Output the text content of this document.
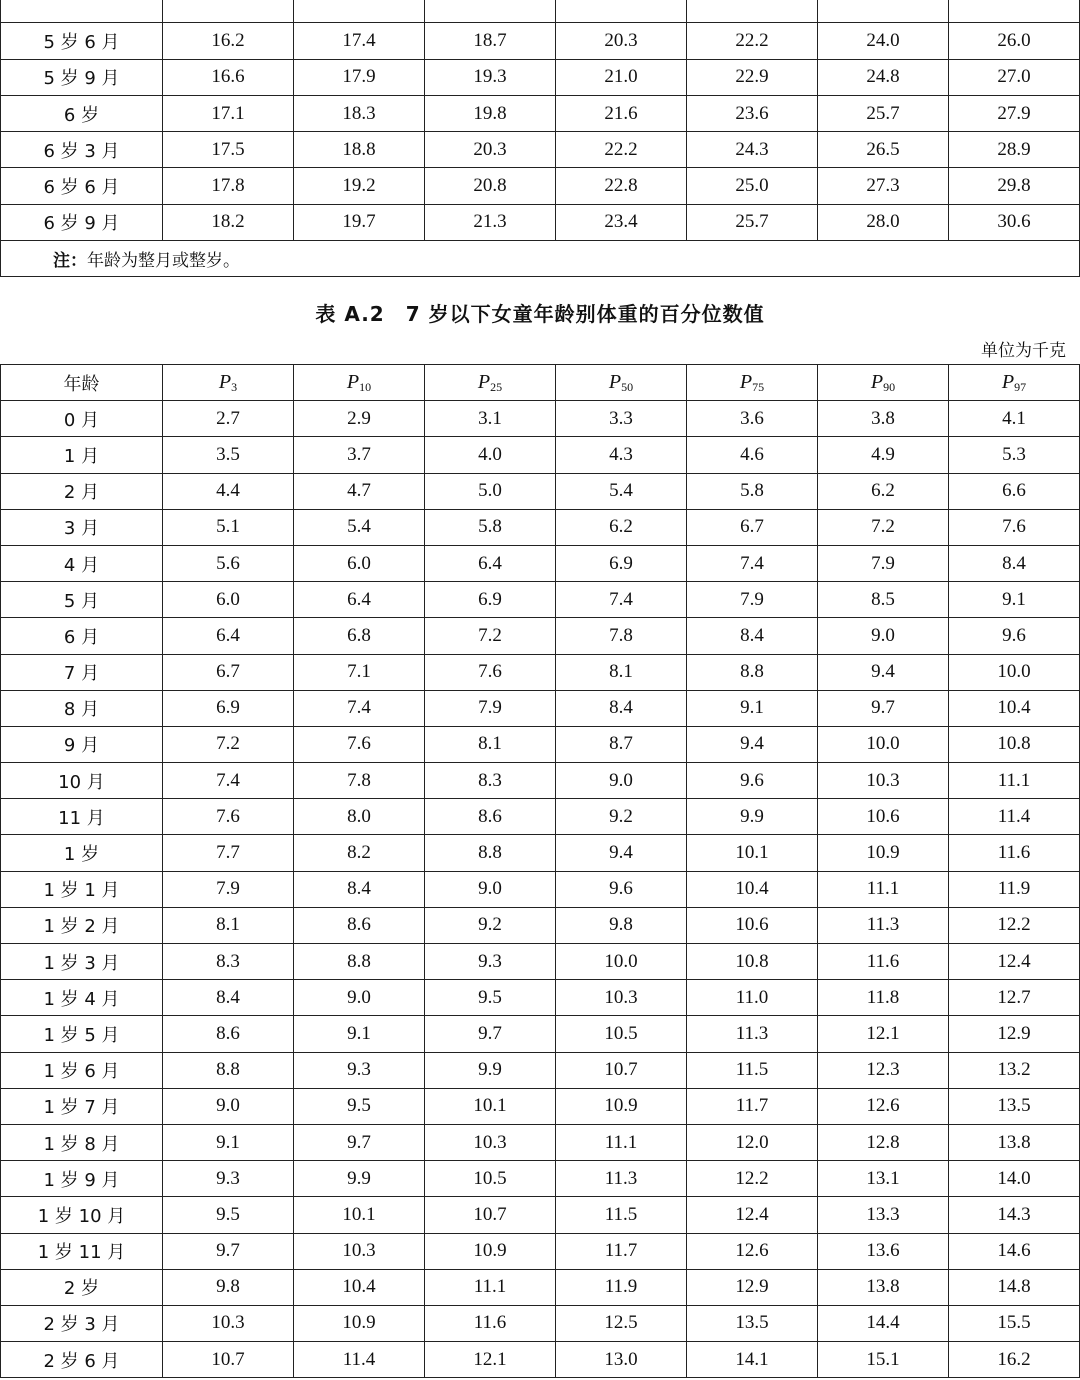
5 岁 6 月	16.2	17.4	18.7	20.3	22.2	24.0	26.0
5 岁 9 月	16.6	17.9	19.3	21.0	22.9	24.8	27.0
6 岁	17.1	18.3	19.8	21.6	23.6	25.7	27.9
6 岁 3 月	17.5	18.8	20.3	22.2	24.3	26.5	28.9
6 岁 6 月	17.8	19.2	20.8	22.8	25.0	27.3	29.8
6 岁 9 月	18.2	19.7	21.3	23.4	25.7	28.0	30.6
注：年龄为整月或整岁。							
表 A.2　7 岁以下女童年龄别体重的百分位数值
单位为千克
年龄	P3	P10	P25	P50	P75	P90	P97
0 月	2.7	2.9	3.1	3.3	3.6	3.8	4.1
1 月	3.5	3.7	4.0	4.3	4.6	4.9	5.3
2 月	4.4	4.7	5.0	5.4	5.8	6.2	6.6
3 月	5.1	5.4	5.8	6.2	6.7	7.2	7.6
4 月	5.6	6.0	6.4	6.9	7.4	7.9	8.4
5 月	6.0	6.4	6.9	7.4	7.9	8.5	9.1
6 月	6.4	6.8	7.2	7.8	8.4	9.0	9.6
7 月	6.7	7.1	7.6	8.1	8.8	9.4	10.0
8 月	6.9	7.4	7.9	8.4	9.1	9.7	10.4
9 月	7.2	7.6	8.1	8.7	9.4	10.0	10.8
10 月	7.4	7.8	8.3	9.0	9.6	10.3	11.1
11 月	7.6	8.0	8.6	9.2	9.9	10.6	11.4
1 岁	7.7	8.2	8.8	9.4	10.1	10.9	11.6
1 岁 1 月	7.9	8.4	9.0	9.6	10.4	11.1	11.9
1 岁 2 月	8.1	8.6	9.2	9.8	10.6	11.3	12.2
1 岁 3 月	8.3	8.8	9.3	10.0	10.8	11.6	12.4
1 岁 4 月	8.4	9.0	9.5	10.3	11.0	11.8	12.7
1 岁 5 月	8.6	9.1	9.7	10.5	11.3	12.1	12.9
1 岁 6 月	8.8	9.3	9.9	10.7	11.5	12.3	13.2
1 岁 7 月	9.0	9.5	10.1	10.9	11.7	12.6	13.5
1 岁 8 月	9.1	9.7	10.3	11.1	12.0	12.8	13.8
1 岁 9 月	9.3	9.9	10.5	11.3	12.2	13.1	14.0
1 岁 10 月	9.5	10.1	10.7	11.5	12.4	13.3	14.3
1 岁 11 月	9.7	10.3	10.9	11.7	12.6	13.6	14.6
2 岁	9.8	10.4	11.1	11.9	12.9	13.8	14.8
2 岁 3 月	10.3	10.9	11.6	12.5	13.5	14.4	15.5
2 岁 6 月	10.7	11.4	12.1	13.0	14.1	15.1	16.2
